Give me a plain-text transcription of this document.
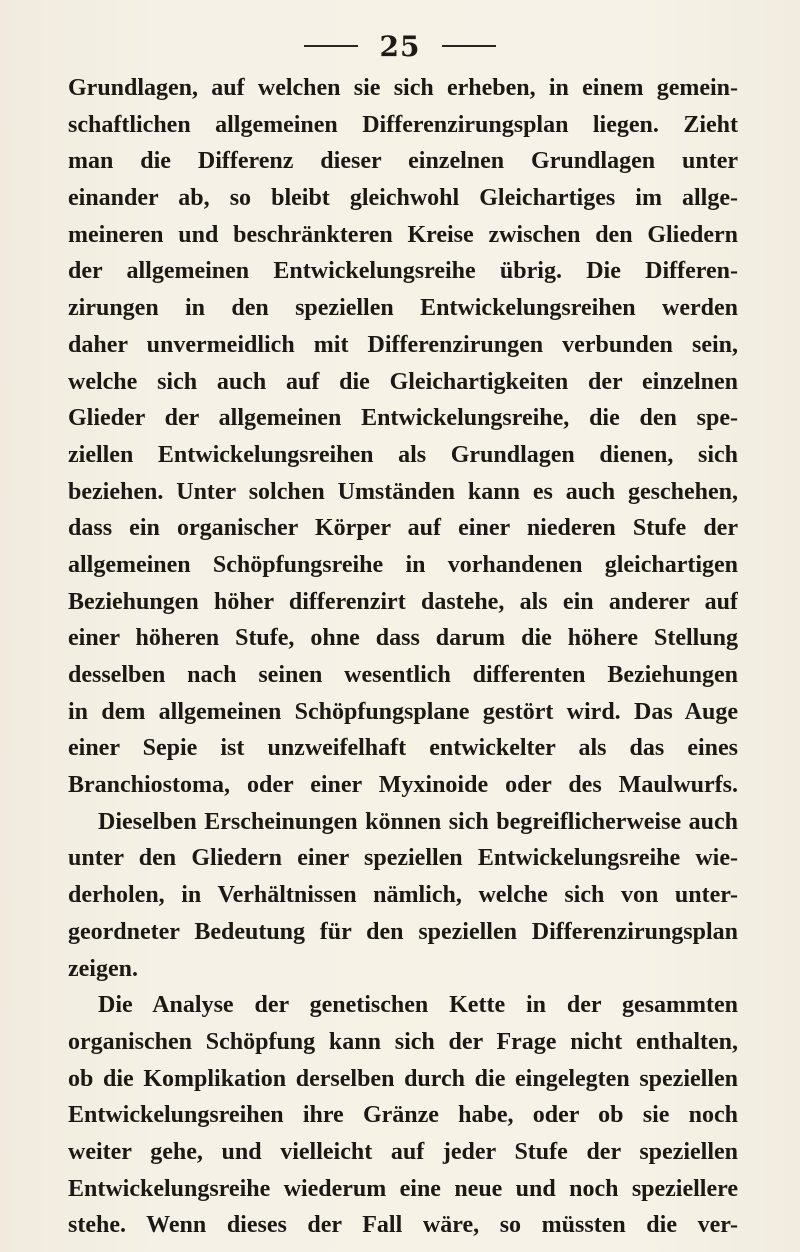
25
Grundlagen, auf welchen sie sich erheben, in einem gemein-
schaftlichen allgemeinen Differenzirungsplan liegen. Zieht
man die Differenz dieser einzelnen Grundlagen unter
einander ab, so bleibt gleichwohl Gleichartiges im allge-
meineren und beschränkteren Kreise zwischen den Gliedern
der allgemeinen Entwickelungsreihe übrig. Die Differen-
zirungen in den speziellen Entwickelungsreihen werden
daher unvermeidlich mit Differenzirungen verbunden sein,
welche sich auch auf die Gleichartigkeiten der einzelnen
Glieder der allgemeinen Entwickelungsreihe, die den spe-
ziellen Entwickelungsreihen als Grundlagen dienen, sich
beziehen. Unter solchen Umständen kann es auch geschehen,
dass ein organischer Körper auf einer niederen Stufe der
allgemeinen Schöpfungsreihe in vorhandenen gleichartigen
Beziehungen höher differenzirt dastehe, als ein anderer auf
einer höheren Stufe, ohne dass darum die höhere Stellung
desselben nach seinen wesentlich differenten Beziehungen
in dem allgemeinen Schöpfungsplane gestört wird. Das Auge
einer Sepie ist unzweifelhaft entwickelter als das eines
Branchiostoma, oder einer Myxinoide oder des Maulwurfs.
Dieselben Erscheinungen können sich begreiflicherweise auch
unter den Gliedern einer speziellen Entwickelungsreihe wie-
derholen, in Verhältnissen nämlich, welche sich von unter-
geordneter Bedeutung für den speziellen Differenzirungsplan
zeigen.
Die Analyse der genetischen Kette in der gesammten
organischen Schöpfung kann sich der Frage nicht enthalten,
ob die Komplikation derselben durch die eingelegten speziellen
Entwickelungsreihen ihre Gränze habe, oder ob sie noch
weiter gehe, und vielleicht auf jeder Stufe der speziellen
Entwickelungsreihe wiederum eine neue und noch speziellere
stehe. Wenn dieses der Fall wäre, so müssten die ver-
